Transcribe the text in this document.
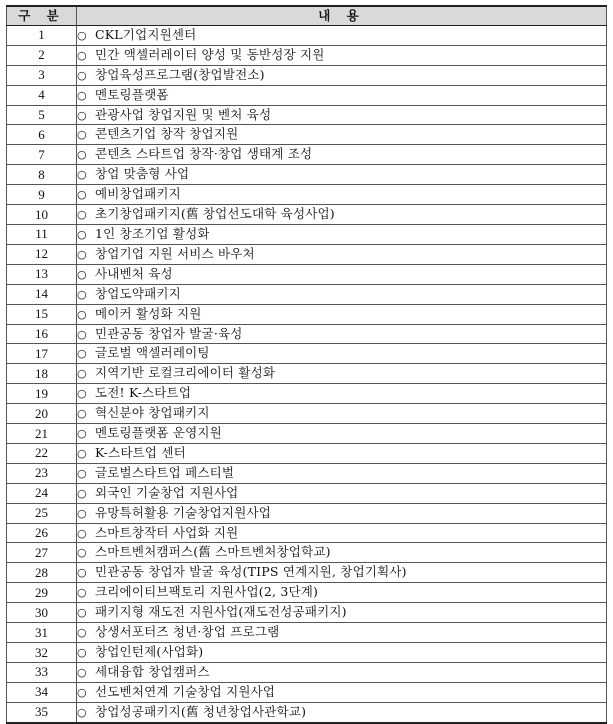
구 분	내 용
1	○ CKL기업지원센터
2	○ 민간 액셀러레이터 양성 및 동반성장 지원
3	○ 창업육성프로그램(창업발전소)
4	○ 멘토링플랫폼
5	○ 관광사업 창업지원 및 벤처 육성
6	○ 콘텐츠기업 창작 창업지원
7	○ 콘텐츠 스타트업 창작·창업 생태계 조성
8	○ 창업 맞춤형 사업
9	○ 예비창업패키지
10	○ 초기창업패키지(舊 창업선도대학 육성사업)
11	○ 1인 창조기업 활성화
12	○ 창업기업 지원 서비스 바우처
13	○ 사내벤처 육성
14	○ 창업도약패키지
15	○ 메이커 활성화 지원
16	○ 민관공동 창업자 발굴·육성
17	○ 글로벌 액셀러레이팅
18	○ 지역기반 로컬크리에이터 활성화
19	○ 도전! K-스타트업
20	○ 혁신분야 창업패키지
21	○ 멘토링플랫폼 운영지원
22	○ K-스타트업 센터
23	○ 글로벌스타트업 페스티벌
24	○ 외국인 기술창업 지원사업
25	○ 유망특허활용 기술창업지원사업
26	○ 스마트창작터 사업화 지원
27	○ 스마트벤처캠퍼스(舊 스마트벤처창업학교)
28	○ 민관공동 창업자 발굴 육성(TIPS 연계지원, 창업기획사)
29	○ 크리에이티브팩토리 지원사업(2, 3단계)
30	○ 패키지형 재도전 지원사업(재도전성공패키지)
31	○ 상생서포터즈 청년·창업 프로그램
32	○ 창업인턴제(사업화)
33	○ 세대융합 창업캠퍼스
34	○ 선도벤처연계 기술창업 지원사업
35	○ 창업성공패키지(舊 청년창업사관학교)
